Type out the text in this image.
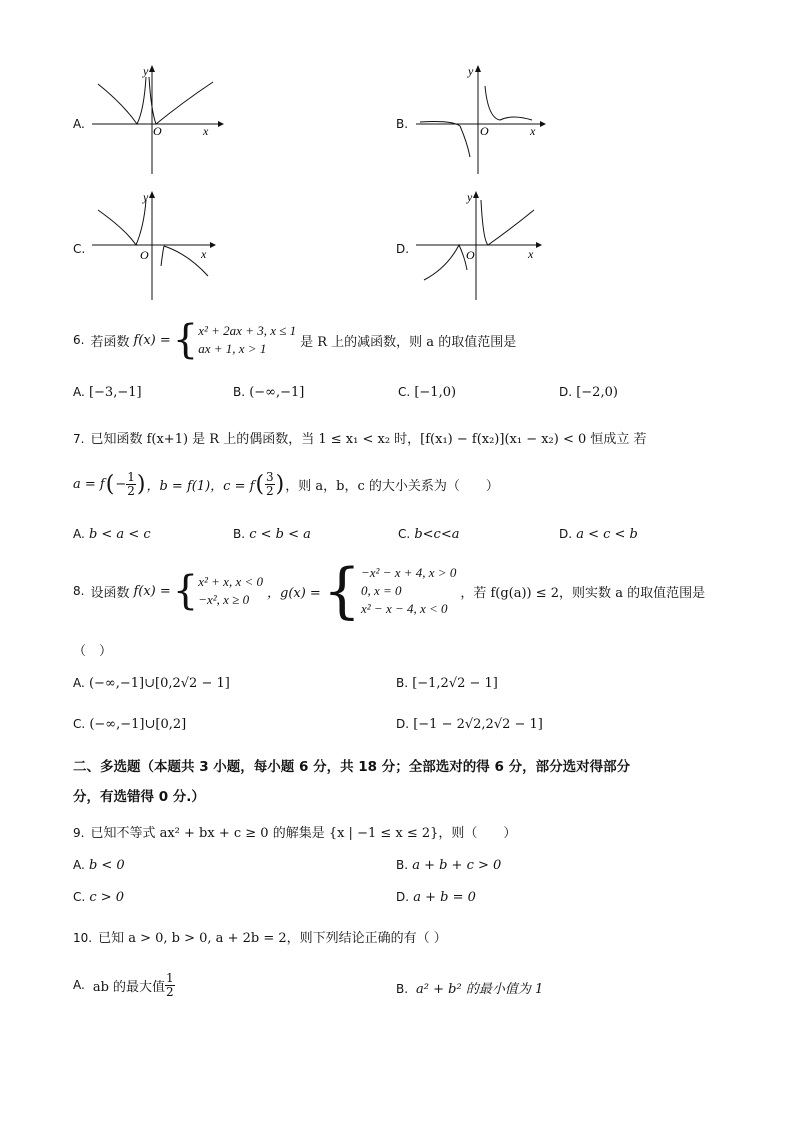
A.
y
x
O	B.
y
x
O
C.
y
x
O	D.
y
x
O
6. 若函数 f(x) = { x² + 2ax + 3, x ≤ 1
ax + 1, x > 1	是 R 上的减函数，则 a 的取值范围是
A. [−3,−1]	B. (−∞,−1]	C. [−1,0)	D. [−2,0)
7. 已知函数 f(x+1) 是 R 上的偶函数，当 1 ≤ x₁ < x₂ 时，[f(x₁) − f(x₂)](x₁ − x₂) < 0 恒成立 若
a = f ( − $\frac{1}{2}$ ) ，b = f(1)，c = f ( $\frac{3}{2}$ ) ，则 a，b，c 的大小关系为（　　）
A. b < a < c	B. c < b < a	C. b<c<a	D. a < c < b
8. 设函数 f(x) = { x² + x, x < 0
−x², x ≥ 0	，g(x) = { −x² − x + 4, x > 0
0, x = 0
x² − x − 4, x < 0
，若 f(g(a)) ≤ 2，则实数 a 的取值范围是
（　）
A. (−∞,−1]∪[0,2√2 − 1]	B. [−1,2√2 − 1]
C. (−∞,−1]∪[0,2]	D. [−1 − 2√2,2√2 − 1]
二、多选题（本题共 3 小题，每小题 6 分，共 18 分；全部选对的得 6 分，部分选对得部分
分，有选错得 0 分.）
9. 已知不等式 ax² + bx + c ≥ 0 的解集是 {x | −1 ≤ x ≤ 2}，则（　　）
A. b < 0	B. a + b + c > 0
C. c > 0	D. a + b = 0
10. 已知 a > 0, b > 0, a + 2b = 2，则下列结论正确的有（ ）
A. ab 的最大值 $\frac{1}{2}$	B. a² + b² 的最小值为 1
